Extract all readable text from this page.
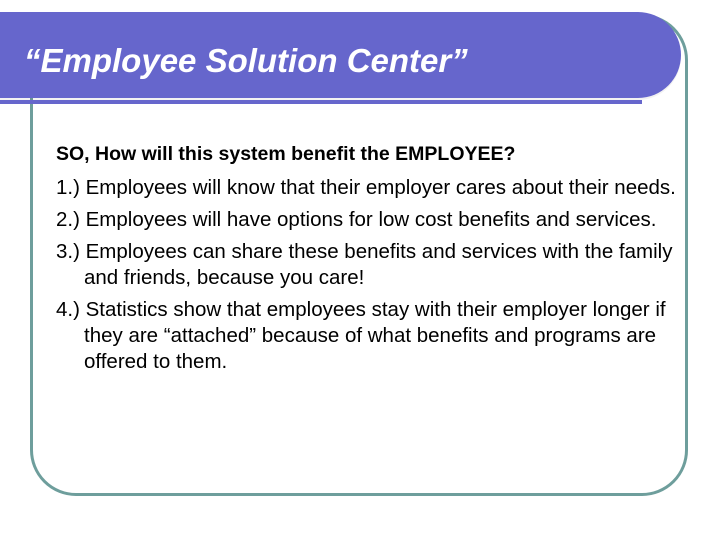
“Employee Solution Center”

SO, How will this system benefit the EMPLOYEE?

1.) Employees will know that their employer cares about their needs.
2.) Employees will have options for low cost benefits and services.
3.) Employees can share these benefits and services with the family and friends, because you care!
4.) Statistics show that employees stay with their employer longer if they are “attached” because of what benefits and programs are offered to them.
